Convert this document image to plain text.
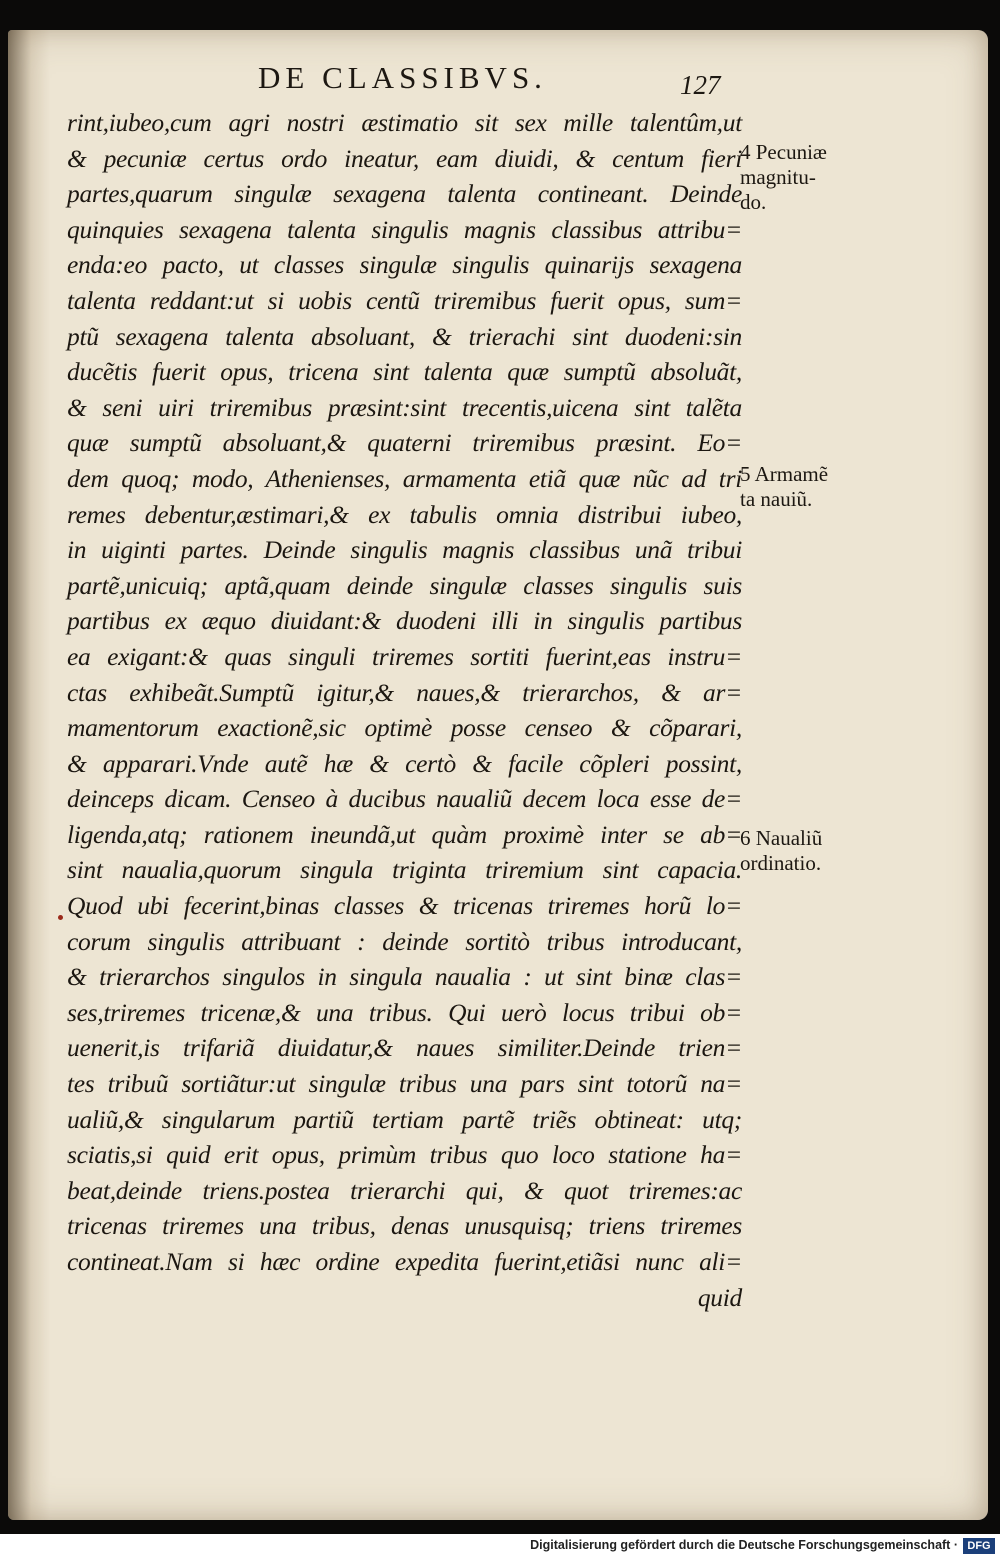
DE CLASSIBVS.	127
rint,iubeo,cum agri nostri æstimatio sit sex mille talentûm,ut
& pecuniæ certus ordo ineatur, eam diuidi, & centum fieri
partes,quarum singulæ sexagena talenta contineant. Deinde
quinquies sexagena talenta singulis magnis classibus attribu=
enda:eo pacto, ut classes singulæ singulis quinarijs sexagena
talenta reddant:ut si uobis centũ triremibus fuerit opus, sum=
ptũ sexagena talenta absoluant, & trierachi sint duodeni:sin
ducẽtis fuerit opus, tricena sint talenta quæ sumptũ absoluãt,
& seni uiri triremibus præsint:sint trecentis,uicena sint talẽta
quæ sumptũ absoluant,& quaterni triremibus præsint. Eo=
dem quoq; modo, Athenienses, armamenta etiã quæ nũc ad tri
remes debentur,æstimari,& ex tabulis omnia distribui iubeo,
in uiginti partes. Deinde singulis magnis classibus unã tribui
partẽ,unicuiq; aptã,quam deinde singulæ classes singulis suis
partibus ex æquo diuidant:& duodeni illi in singulis partibus
ea exigant:& quas singuli triremes sortiti fuerint,eas instru=
ctas exhibeãt.Sumptũ igitur,& naues,& trierarchos, & ar=
mamentorum exactionẽ,sic optimè posse censeo & cõparari,
& apparari.Vnde autẽ hæ & certò & facile cõpleri possint,
deinceps dicam. Censeo à ducibus naualiũ decem loca esse de=
ligenda,atq; rationem ineundã,ut quàm proximè inter se ab=
sint naualia,quorum singula triginta triremium sint capacia.
Quod ubi fecerint,binas classes & tricenas triremes horũ lo=
corum singulis attribuant : deinde sortitò tribus introducant,
& trierarchos singulos in singula naualia : ut sint binæ clas=
ses,triremes tricenæ,& una tribus. Qui uerò locus tribui ob=
uenerit,is trifariã diuidatur,& naues similiter.Deinde trien=
tes tribuũ sortiãtur:ut singulæ tribus una pars sint totorũ na=
ualiũ,& singularum partiũ tertiam partẽ triẽs obtineat: utq;
sciatis,si quid erit opus, primùm tribus quo loco statione ha=
beat,deinde triens.postea trierarchi qui, & quot triremes:ac
tricenas triremes una tribus, denas unusquisq; triens triremes
contineat.Nam si hæc ordine expedita fuerint,etiãsi nunc ali=
quid
4 Pecuniæ
magnitu-
do.
5 Armamẽ
ta nauiũ.
6 Naualiũ
ordinatio.
Digitalisierung gefördert durch die Deutsche Forschungsgemeinschaft · DFG
